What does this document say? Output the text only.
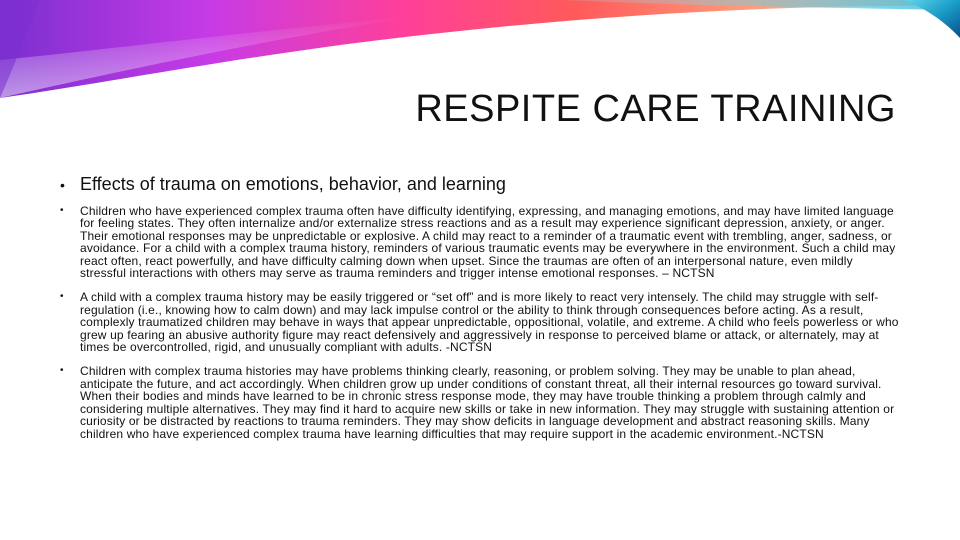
RESPITE CARE TRAINING
• Effects of trauma on emotions, behavior, and learning
•	Children who have experienced complex trauma often have difficulty identifying, expressing, and managing emotions, and may have limited language for feeling states. They often internalize and/or externalize stress reactions and as a result may experience significant depression, anxiety, or anger. Their emotional responses may be unpredictable or explosive. A child may react to a reminder of a traumatic event with trembling, anger, sadness, or avoidance. For a child with a complex trauma history, reminders of various traumatic events may be everywhere in the environment. Such a child may react often, react powerfully, and have difficulty calming down when upset. Since the traumas are often of an interpersonal nature, even mildly stressful interactions with others may serve as trauma reminders and trigger intense emotional responses. – NCTSN
•	A child with a complex trauma history may be easily triggered or “set off” and is more likely to react very intensely. The child may struggle with self-regulation (i.e., knowing how to calm down) and may lack impulse control or the ability to think through consequences before acting. As a result, complexly traumatized children may behave in ways that appear unpredictable, oppositional, volatile, and extreme. A child who feels powerless or who grew up fearing an abusive authority figure may react defensively and aggressively in response to perceived blame or attack, or alternately, may at times be overcontrolled, rigid, and unusually compliant with adults. -NCTSN
•	Children with complex trauma histories may have problems thinking clearly, reasoning, or problem solving. They may be unable to plan ahead, anticipate the future, and act accordingly. When children grow up under conditions of constant threat, all their internal resources go toward survival. When their bodies and minds have learned to be in chronic stress response mode, they may have trouble thinking a problem through calmly and considering multiple alternatives. They may find it hard to acquire new skills or take in new information. They may struggle with sustaining attention or curiosity or be distracted by reactions to trauma reminders. They may show deficits in language development and abstract reasoning skills. Many children who have experienced complex trauma have learning difficulties that may require support in the academic environment.-NCTSN
